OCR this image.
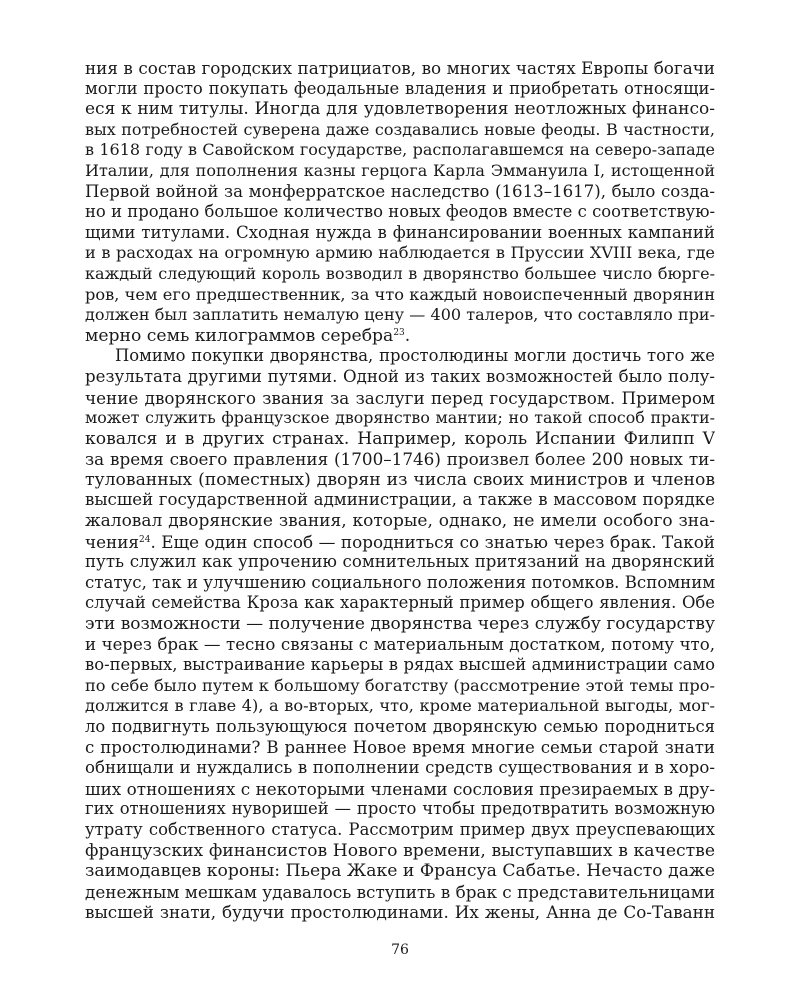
ния в состав городских патрициатов, во многих частях Европы богачи
могли просто покупать феодальные владения и приобретать относящи-
еся к ним титулы. Иногда для удовлетворения неотложных финансо-
вых потребностей суверена даже создавались новые феоды. В частности,
в 1618 году в Савойском государстве, располагавшемся на северо-западе
Италии, для пополнения казны герцога Карла Эммануила I, истощенной
Первой войной за монферратское наследство (1613–1617), было созда-
но и продано большое количество новых феодов вместе с соответствую-
щими титулами. Сходная нужда в финансировании военных кампаний
и в расходах на огромную армию наблюдается в Пруссии XVIII века, где
каждый следующий король возводил в дворянство большее число бюрге-
ров, чем его предшественник, за что каждый новоиспеченный дворянин
должен был заплатить немалую цену — 400 талеров, что составляло при-
мерно семь килограммов серебра$^{23}$.
Помимо покупки дворянства, простолюдины могли достичь того же
результата другими путями. Одной из таких возможностей было полу-
чение дворянского звания за заслуги перед государством. Примером
может служить французское дворянство мантии; но такой способ практи-
ковался и в других странах. Например, король Испании Филипп V
за время своего правления (1700–1746) произвел более 200 новых ти-
тулованных (поместных) дворян из числа своих министров и членов
высшей государственной администрации, а также в массовом порядке
жаловал дворянские звания, которые, однако, не имели особого зна-
чения$^{24}$. Еще один способ — породниться со знатью через брак. Такой
путь служил как упрочению сомнительных притязаний на дворянский
статус, так и улучшению социального положения потомков. Вспомним
случай семейства Кроза как характерный пример общего явления. Обе
эти возможности — получение дворянства через службу государству
и через брак — тесно связаны с материальным достатком, потому что,
во-первых, выстраивание карьеры в рядах высшей администрации само
по себе было путем к большому богатству (рассмотрение этой темы про-
должится в главе 4), а во-вторых, что, кроме материальной выгоды, мог-
ло подвигнуть пользующуюся почетом дворянскую семью породниться
с простолюдинами? В раннее Новое время многие семьи старой знати
обнищали и нуждались в пополнении средств существования и в хоро-
ших отношениях с некоторыми членами сословия презираемых в дру-
гих отношениях нуворишей — просто чтобы предотвратить возможную
утрату собственного статуса. Рассмотрим пример двух преуспевающих
французских финансистов Нового времени, выступавших в качестве
заимодавцев короны: Пьера Жаке и Франсуа Сабатье. Нечасто даже
денежным мешкам удавалось вступить в брак с представительницами
высшей знати, будучи простолюдинами. Их жены, Анна де Со-Таванн
76
